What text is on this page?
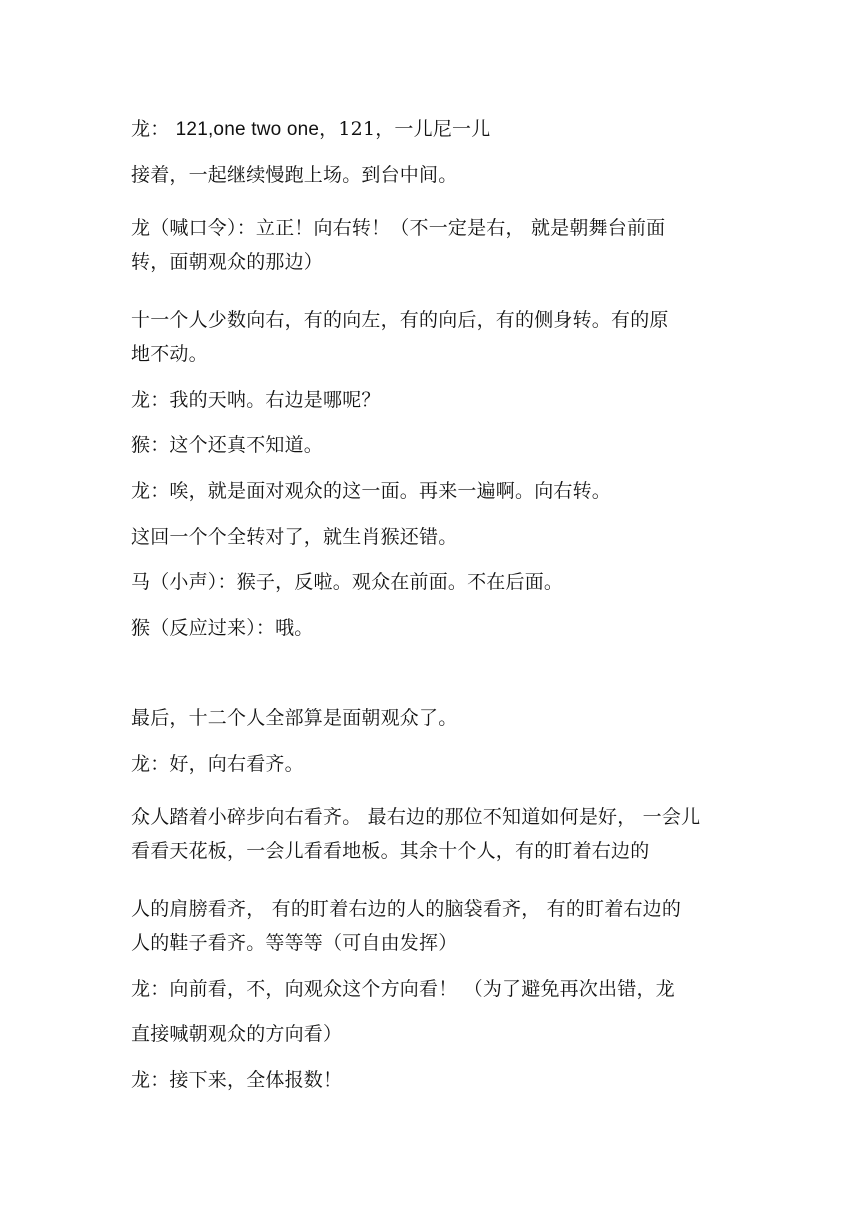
龙： 121,one two one，121，一儿尼一儿

接着，一起继续慢跑上场。到台中间。

龙（喊口令）：立正！向右转！（不一定是右， 就是朝舞台前面

转，面朝观众的那边）

十一个人少数向右，有的向左，有的向后，有的侧身转。有的原

地不动。

龙：我的天呐。右边是哪呢？

猴：这个还真不知道。

龙：唉，就是面对观众的这一面。再来一遍啊。向右转。

这回一个个全转对了，就生肖猴还错。

马（小声）：猴子，反啦。观众在前面。不在后面。

猴（反应过来）：哦。

最后，十二个人全部算是面朝观众了。

龙：好，向右看齐。

众人踏着小碎步向右看齐。 最右边的那位不知道如何是好， 一会儿

看看天花板，一会儿看看地板。其余十个人，有的盯着右边的

人的肩膀看齐， 有的盯着右边的人的脑袋看齐， 有的盯着右边的

人的鞋子看齐。等等等（可自由发挥）

龙：向前看，不，向观众这个方向看！ （为了避免再次出错，龙

直接喊朝观众的方向看）

龙：接下来，全体报数！
